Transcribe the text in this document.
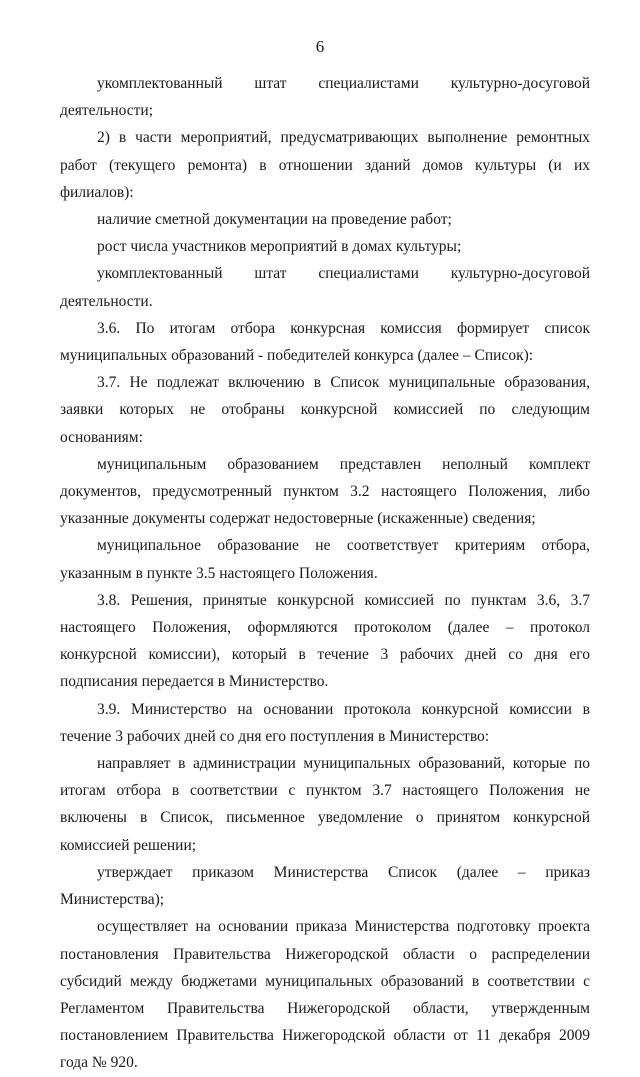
6

укомплектованный штат специалистами культурно-досуговой деятельности;

2) в части мероприятий, предусматривающих выполнение ремонтных работ (текущего ремонта) в отношении зданий домов культуры (и их филиалов):

наличие сметной документации на проведение работ;

рост числа участников мероприятий в домах культуры;

укомплектованный штат специалистами культурно-досуговой деятельности.

3.6. По итогам отбора конкурсная комиссия формирует список муниципальных образований - победителей конкурса (далее – Список):

3.7. Не подлежат включению в Список муниципальные образования, заявки которых не отобраны конкурсной комиссией по следующим основаниям:

муниципальным образованием представлен неполный комплект документов, предусмотренный пунктом 3.2 настоящего Положения, либо указанные документы содержат недостоверные (искаженные) сведения;

муниципальное образование не соответствует критериям отбора, указанным в пункте 3.5 настоящего Положения.

3.8. Решения, принятые конкурсной комиссией по пунктам 3.6, 3.7 настоящего Положения, оформляются протоколом (далее – протокол конкурсной комиссии), который в течение 3 рабочих дней со дня его подписания передается в Министерство.

3.9. Министерство на основании протокола конкурсной комиссии в течение 3 рабочих дней со дня его поступления в Министерство:

направляет в администрации муниципальных образований, которые по итогам отбора в соответствии с пунктом 3.7 настоящего Положения не включены в Список, письменное уведомление о принятом конкурсной комиссией решении;

утверждает приказом Министерства Список (далее – приказ Министерства);

осуществляет на основании приказа Министерства подготовку проекта постановления Правительства Нижегородской области о распределении субсидий между бюджетами муниципальных образований в соответствии с Регламентом Правительства Нижегородской области, утвержденным постановлением Правительства Нижегородской области от 11 декабря 2009 года № 920.
